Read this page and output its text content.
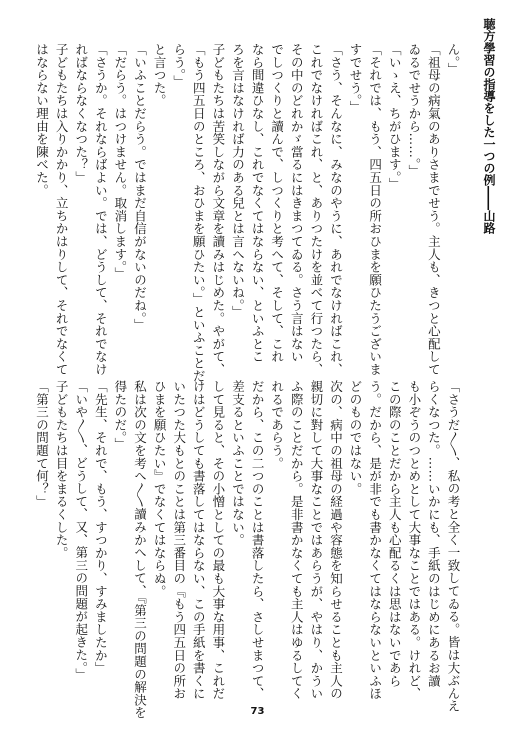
聴方學習の指導をした一つの例――山路
ん。」
「祖母の病氣のありさまでせう。主人も、きつと心配して
ゐるでせうから……。」
「いゝえ、ちがひます。」
「それでは、もう、四五日の所おひまを願ひたうございま
すでせう。」
「さう、そんなに、みなのやうに、あれでなければこれ、
これでなければこれ、と、ありつたけを並べて行つたら、
その中のどれかゞ當るにはきまつてゐる。さう言はない
でしつくりと讀んで、しつくりと考へて、そして、これ
なら間違ひなし、これでなくてはならない、といふとこ
ろを言はなければ力のある兒とは言へないね。」
子どもたちは苦笑しながら文章を讀みはじめた。やがて、
「もう四五日のところ、おひまを願ひたい。」といふことだ
らう。」
と言つた。
「いふことだらう。ではまだ自信がないのだね。」
「だらう。はつけません。取消します。」
「さうか。それならばよい。では、どうして、それでなけ
ればならなくなつた？」
子どもたちは入りかかり、立ちかはりして、それでなくて
はならない理由を陳べた。
「さうだ〳〵、私の考と全く一致してゐる。皆は大ぶんえ
らくなつた。……いかにも、手紙のはじめにあるお讀
も小ぞうのつとめとして大事なことではある。けれど、
この際のことだから主人も心配るくは思はないであら
う。だから、是が非でも書かなくてはならないといふほ
どのものではない。
次の、病中の祖母の経過や容態を知らせることも主人の
親切に對して大事なことではあらうが、やはり、かうい
ふ際のことだから。是非書かなくても主人はゆるしてく
れるであらう。
だから、この二つのことは書落したら、さしせまつて、
差支るといふことではない。
して見ると、その小憎としての最も大事な用事、これだ
けはどうしても書落してはならない、この手紙を書くに
いたつた大もとのことは第三番目の『もう四五日の所お
ひまを願ひたい』でなくてはならぬ。
私は次の文を考へ〳〵讀みかへして、『第三の問題の解決を
得たのだ。」
「先生、それで、もう、すつかり、すみましたか」
「いや〳〵、どうして、又、第三の問題が起きた。」
子どもたちは目をまるくした。
「第三の問題て何？」
73
